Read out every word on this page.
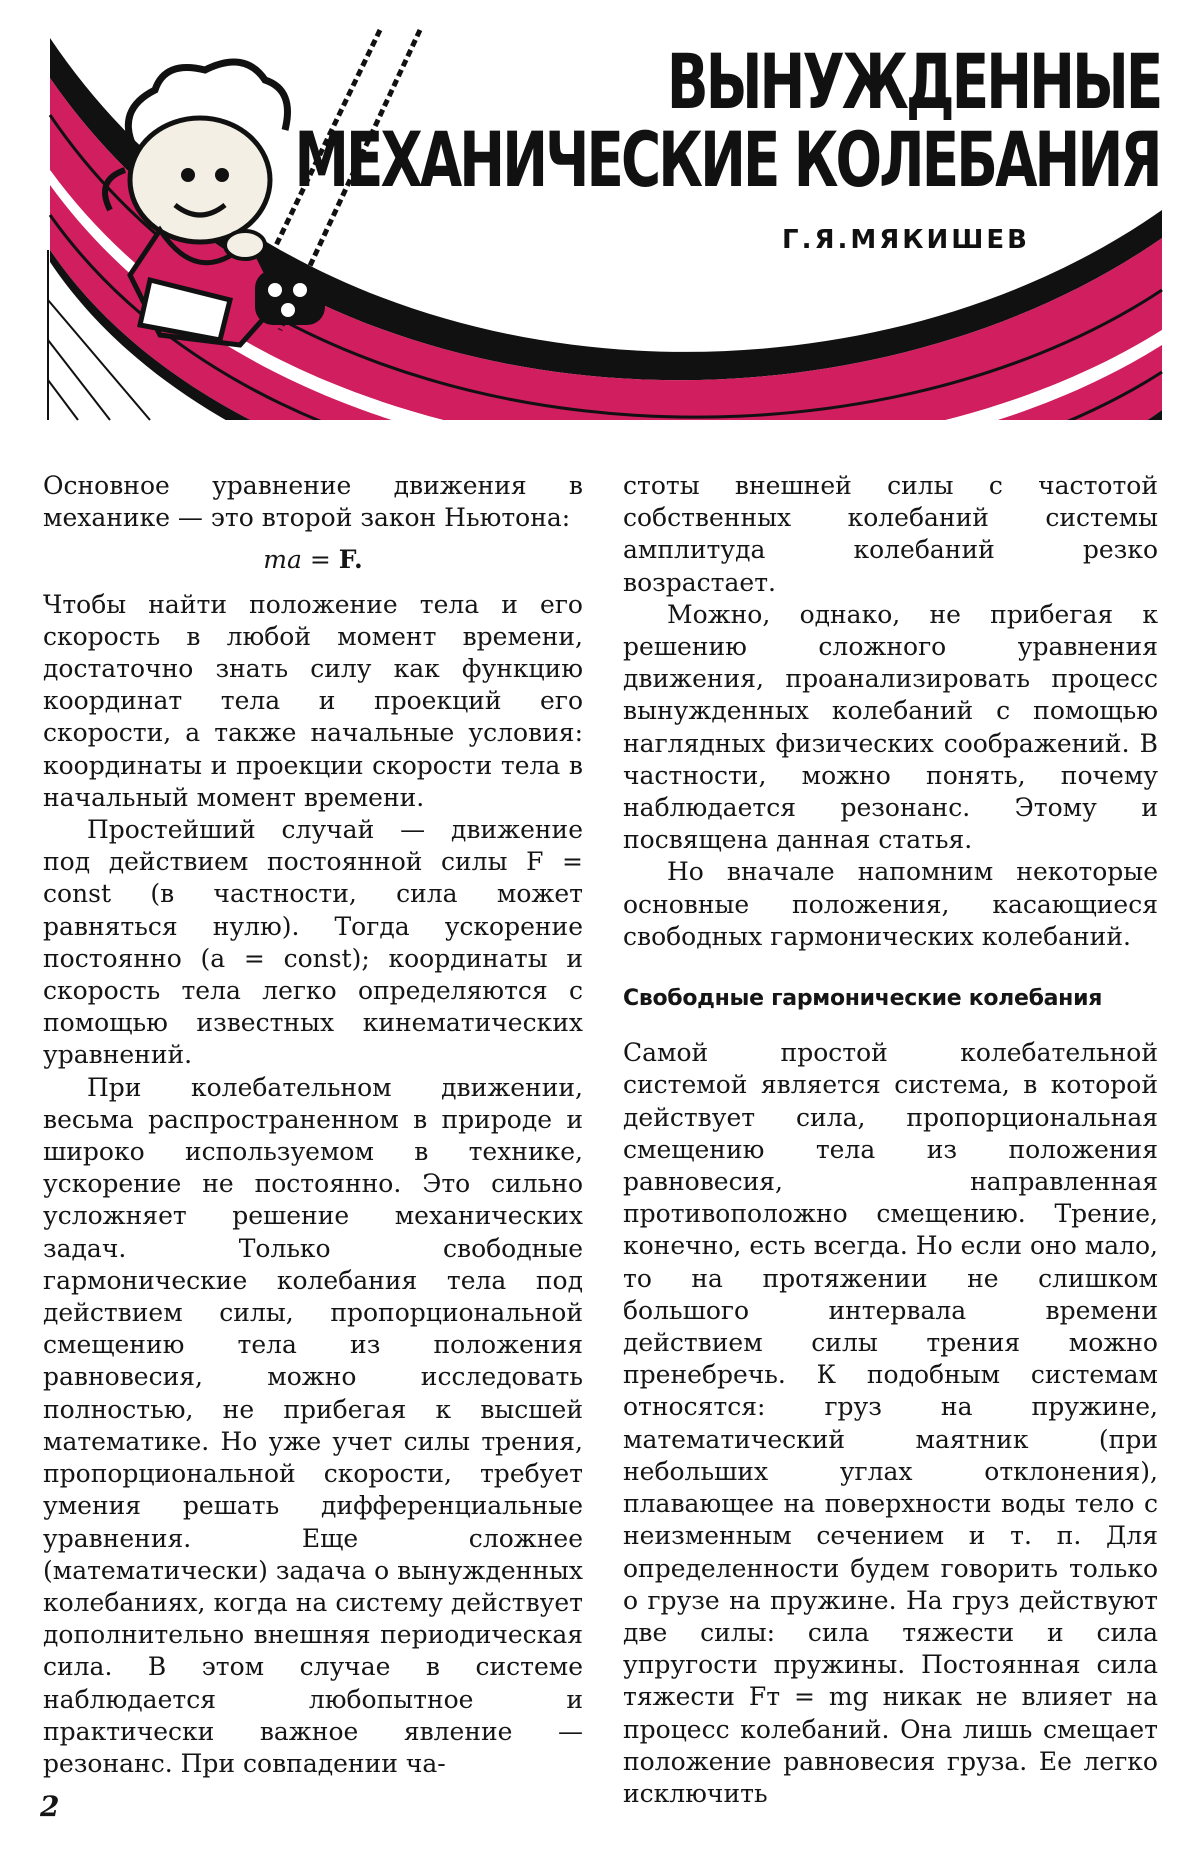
ВЫНУЖДЕННЫЕ
МЕХАНИЧЕСКИЕ КОЛЕБАНИЯ
Г.Я.МЯКИШЕВ

Основное уравнение движения в механике — это второй закон Ньютона:

ma = F.

Чтобы найти положение тела и его скорость в любой момент времени, достаточно знать силу как функцию координат тела и проекций его скорости, а также начальные условия: координаты и проекции скорости тела в начальный момент времени.

Простейший случай — движение под действием постоянной силы F = const (в частности, сила может равняться нулю). Тогда ускорение постоянно (a = const); координаты и скорость тела легко определяются с помощью известных кинематических уравнений.

При колебательном движении, весьма распространенном в природе и широко используемом в технике, ускорение не постоянно. Это сильно усложняет решение механических задач. Только свободные гармонические колебания тела под действием силы, пропорциональной смещению тела из положения равновесия, можно исследовать полностью, не прибегая к высшей математике. Но уже учет силы трения, пропорциональной скорости, требует умения решать дифференциальные уравнения. Еще сложнее (математически) задача о вынужденных колебаниях, когда на систему действует дополнительно внешняя периодическая сила. В этом случае в системе наблюдается любопытное и практически важное явление — резонанс. При совпадении ча-

стоты внешней силы с частотой собственных колебаний системы амплитуда колебаний резко возрастает.

Можно, однако, не прибегая к решению сложного уравнения движения, проанализировать процесс вынужденных колебаний с помощью наглядных физических соображений. В частности, можно понять, почему наблюдается резонанс. Этому и посвящена данная статья.

Но вначале напомним некоторые основные положения, касающиеся свободных гармонических колебаний.

Свободные гармонические колебания

Самой простой колебательной системой является система, в которой действует сила, пропорциональная смещению тела из положения равновесия, направленная противоположно смещению. Трение, конечно, есть всегда. Но если оно мало, то на протяжении не слишком большого интервала времени действием силы трения можно пренебречь. К подобным системам относятся: груз на пружине, математический маятник (при небольших углах отклонения), плавающее на поверхности воды тело с неизменным сечением и т. п. Для определенности будем говорить только о грузе на пружине. На груз действуют две силы: сила тяжести и сила упругости пружины. Постоянная сила тяжести Fт = mg никак не влияет на процесс колебаний. Она лишь смещает положение равновесия груза. Ее легко исключить

2
